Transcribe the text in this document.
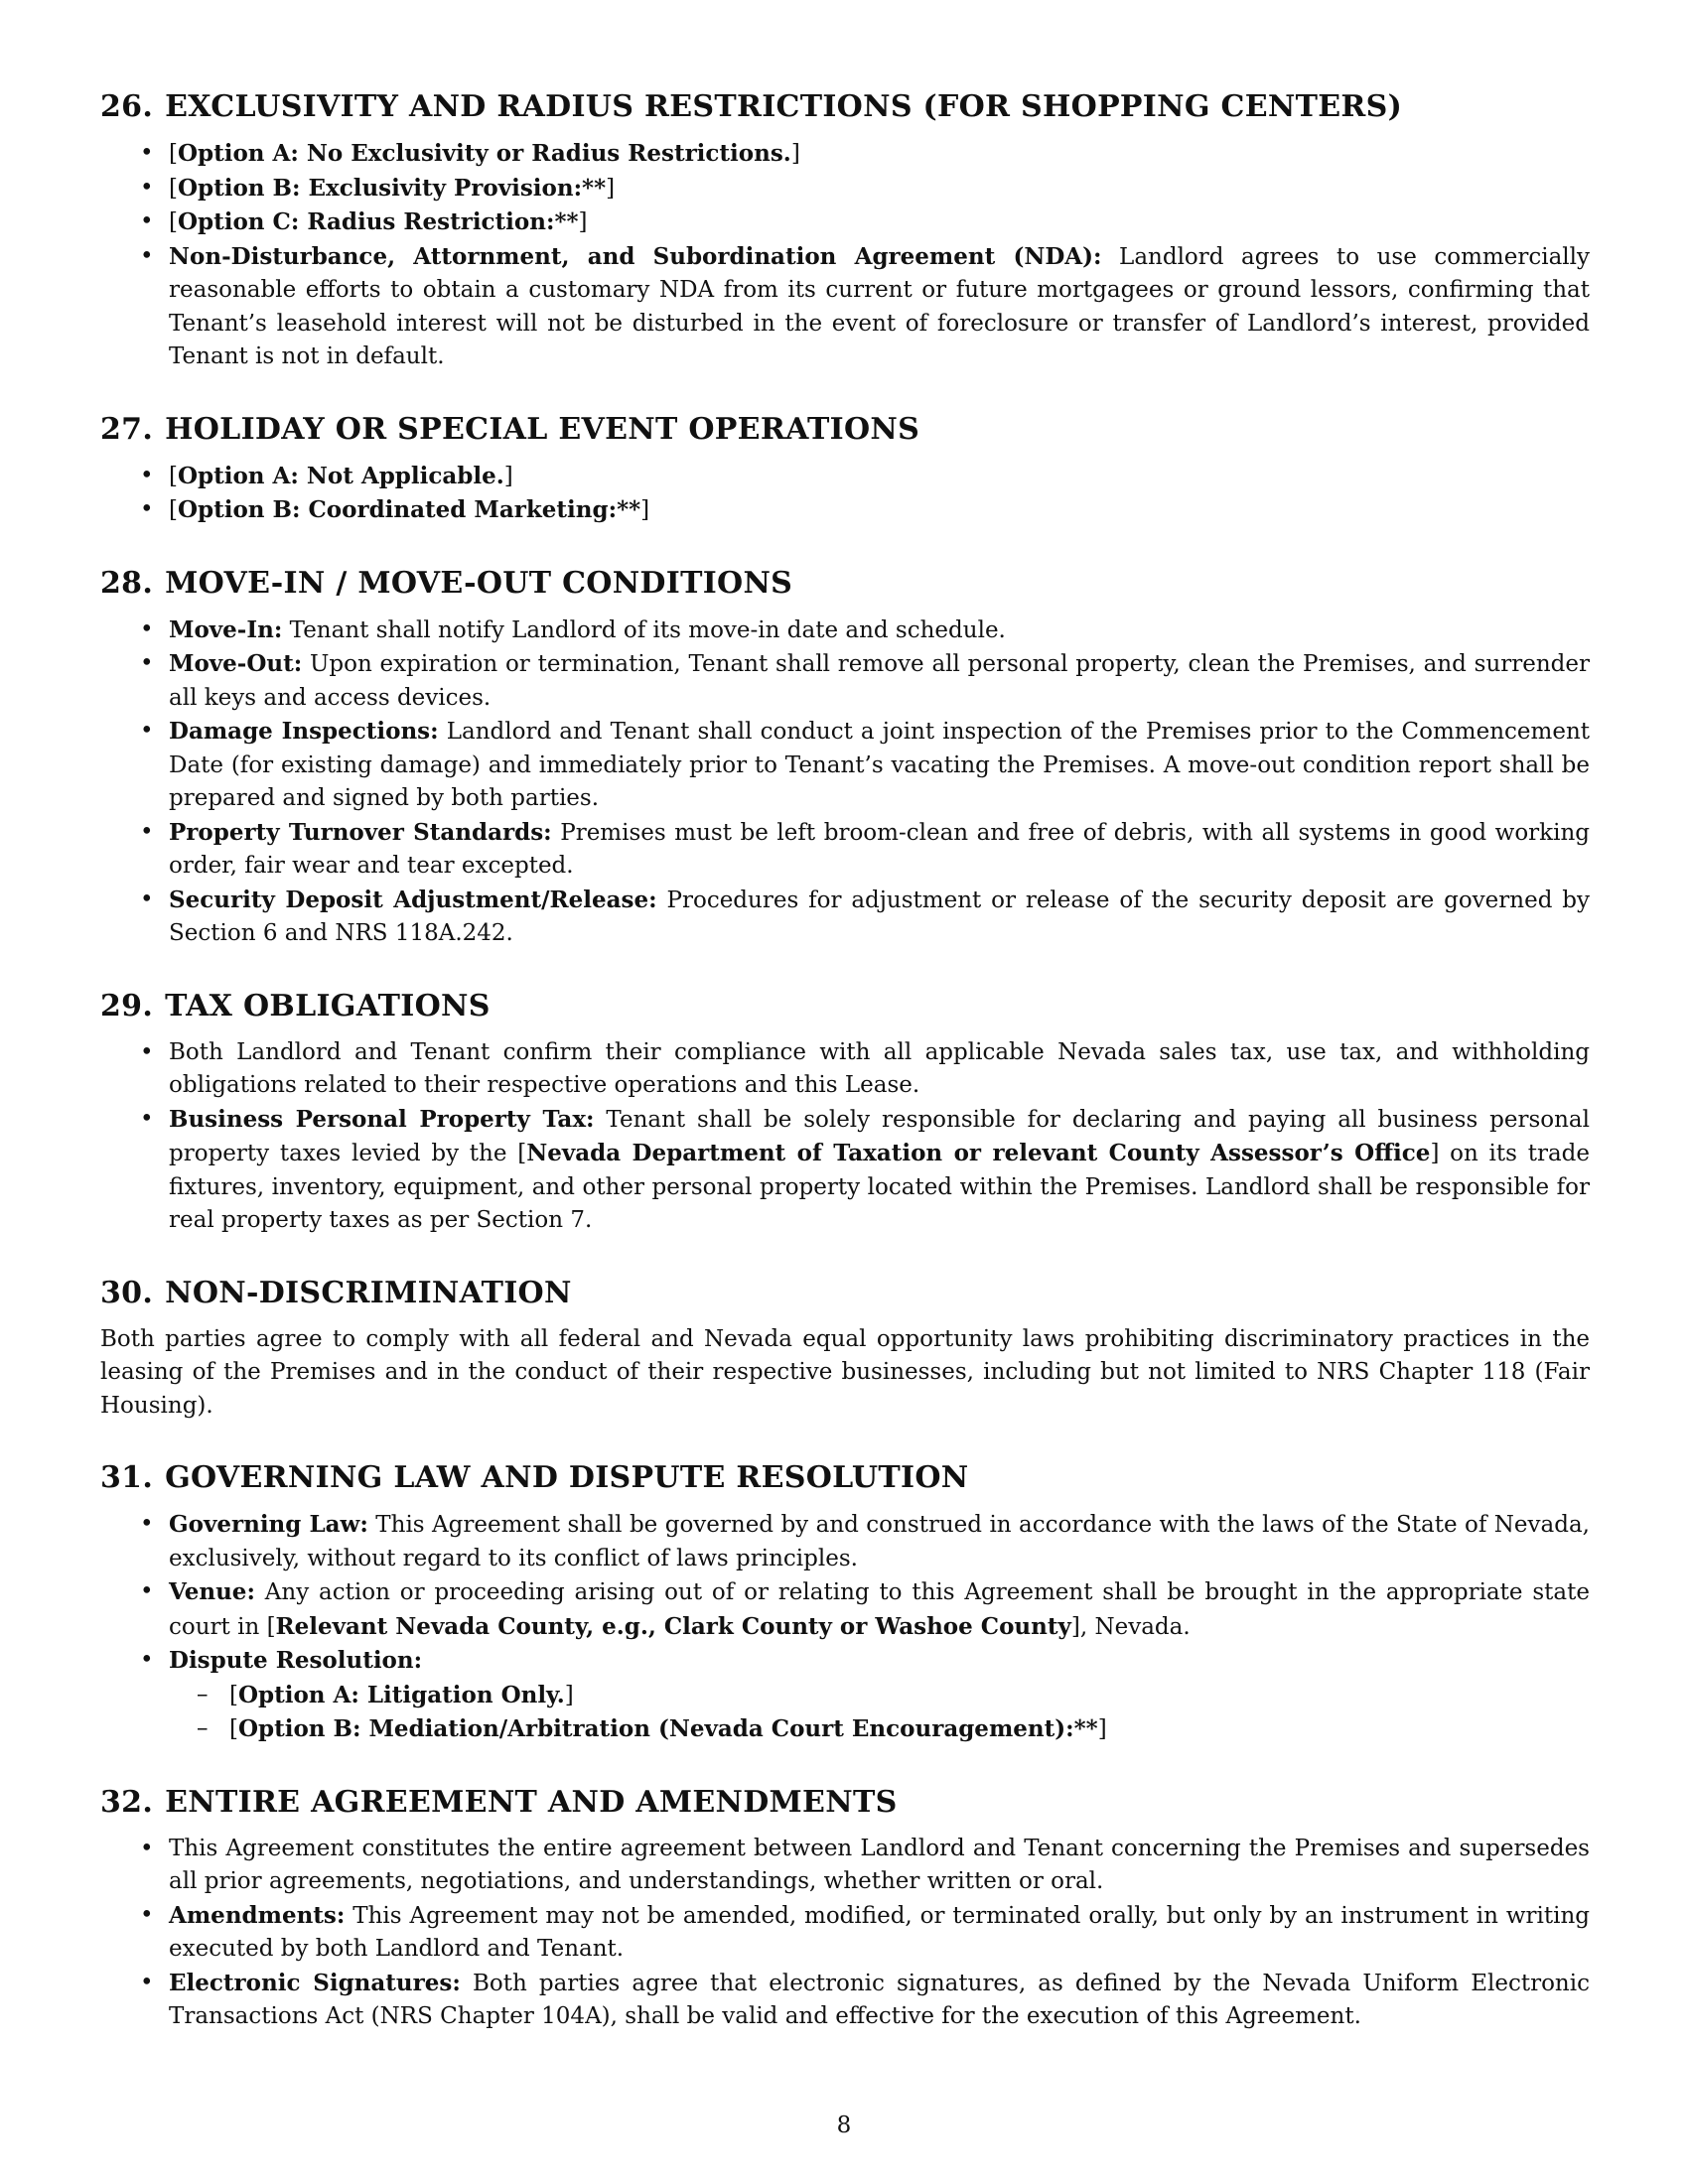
26. EXCLUSIVITY AND RADIUS RESTRICTIONS (FOR SHOPPING CENTERS)
• [Option A: No Exclusivity or Radius Restrictions.]
• [Option B: Exclusivity Provision:**]
• [Option C: Radius Restriction:**]
• Non-Disturbance, Attornment, and Subordination Agreement (NDA): Landlord agrees to use commercially reasonable efforts to obtain a customary NDA from its current or future mortgagees or ground lessors, confirming that Tenant’s leasehold interest will not be disturbed in the event of foreclosure or transfer of Landlord’s interest, provided Tenant is not in default.
27. HOLIDAY OR SPECIAL EVENT OPERATIONS
• [Option A: Not Applicable.]
• [Option B: Coordinated Marketing:**]
28. MOVE-IN / MOVE-OUT CONDITIONS
• Move-In: Tenant shall notify Landlord of its move-in date and schedule.
• Move-Out: Upon expiration or termination, Tenant shall remove all personal property, clean the Premises, and surrender all keys and access devices.
• Damage Inspections: Landlord and Tenant shall conduct a joint inspection of the Premises prior to the Commencement Date (for existing damage) and immediately prior to Tenant’s vacating the Premises. A move-out condition report shall be prepared and signed by both parties.
• Property Turnover Standards: Premises must be left broom-clean and free of debris, with all systems in good working order, fair wear and tear excepted.
• Security Deposit Adjustment/Release: Procedures for adjustment or release of the security deposit are governed by Section 6 and NRS 118A.242.
29. TAX OBLIGATIONS
• Both Landlord and Tenant confirm their compliance with all applicable Nevada sales tax, use tax, and withholding obligations related to their respective operations and this Lease.
• Business Personal Property Tax: Tenant shall be solely responsible for declaring and paying all business personal property taxes levied by the [Nevada Department of Taxation or relevant County Assessor’s Office] on its trade fixtures, inventory, equipment, and other personal property located within the Premises. Landlord shall be responsible for real property taxes as per Section 7.
30. NON-DISCRIMINATION

Both parties agree to comply with all federal and Nevada equal opportunity laws prohibiting discriminatory practices in the leasing of the Premises and in the conduct of their respective businesses, including but not limited to NRS Chapter 118 (Fair Housing).

31. GOVERNING LAW AND DISPUTE RESOLUTION
• Governing Law: This Agreement shall be governed by and construed in accordance with the laws of the State of Nevada, exclusively, without regard to its conflict of laws principles.
• Venue: Any action or proceeding arising out of or relating to this Agreement shall be brought in the appropriate state court in [Relevant Nevada County, e.g., Clark County or Washoe County], Nevada.
• Dispute Resolution:
– [Option A: Litigation Only.]
– [Option B: Mediation/Arbitration (Nevada Court Encouragement):**]
32. ENTIRE AGREEMENT AND AMENDMENTS
• This Agreement constitutes the entire agreement between Landlord and Tenant concerning the Premises and supersedes all prior agreements, negotiations, and understandings, whether written or oral.
• Amendments: This Agreement may not be amended, modified, or terminated orally, but only by an instrument in writing executed by both Landlord and Tenant.
• Electronic Signatures: Both parties agree that electronic signatures, as defined by the Nevada Uniform Electronic Transactions Act (NRS Chapter 104A), shall be valid and effective for the execution of this Agreement.
8
